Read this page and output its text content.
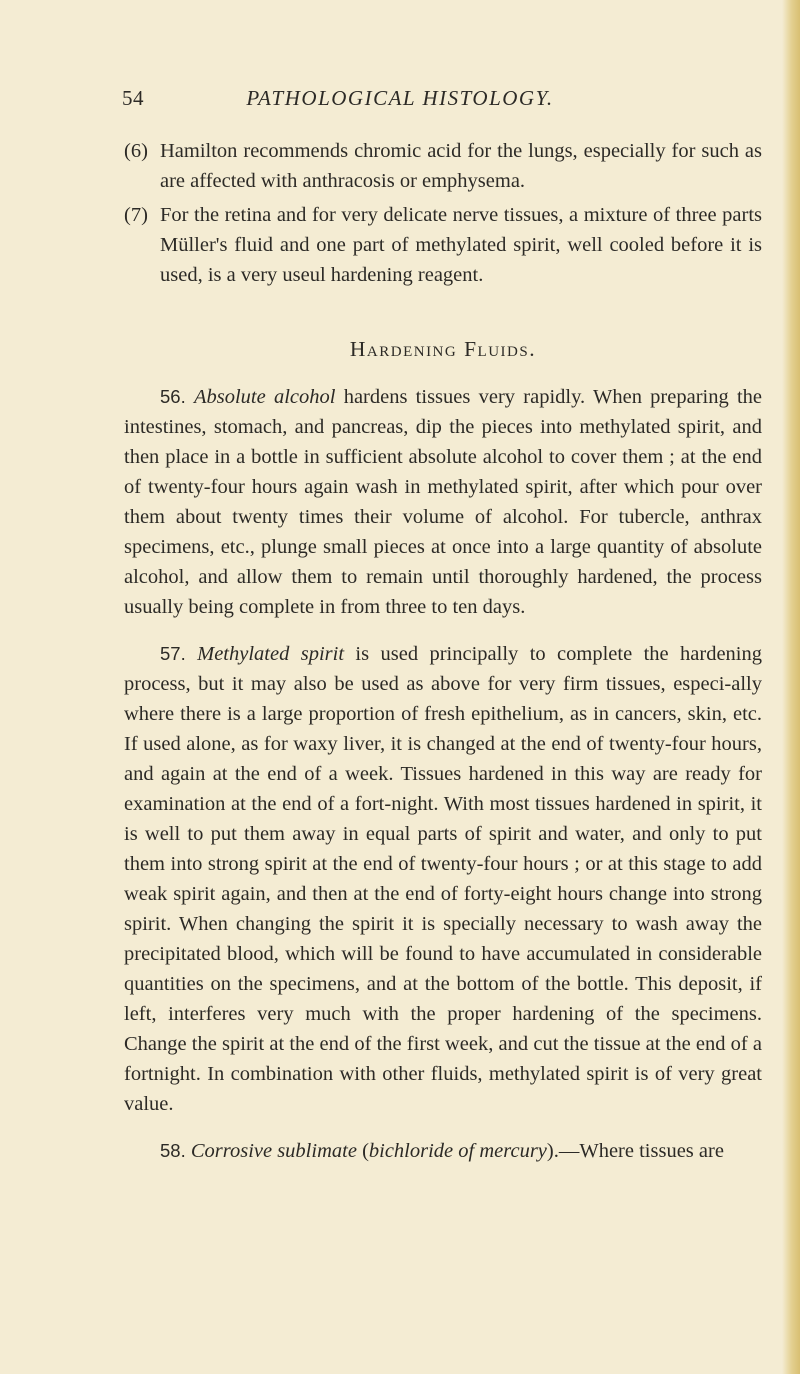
54	PATHOLOGICAL HISTOLOGY.
(6) Hamilton recommends chromic acid for the lungs, especially for such as are affected with anthracosis or emphysema.
(7) For the retina and for very delicate nerve tissues, a mixture of three parts Müller's fluid and one part of methylated spirit, well cooled before it is used, is a very useul hardening reagent.
Hardening Fluids.

56. Absolute alcohol hardens tissues very rapidly. When preparing the intestines, stomach, and pancreas, dip the pieces into methylated spirit, and then place in a bottle in sufficient absolute alcohol to cover them ; at the end of twenty-four hours again wash in methylated spirit, after which pour over them about twenty times their volume of alcohol. For tubercle, anthrax specimens, etc., plunge small pieces at once into a large quantity of absolute alcohol, and allow them to remain until thoroughly hardened, the process usually being complete in from three to ten days.

57. Methylated spirit is used principally to complete the hardening process, but it may also be used as above for very firm tissues, especi-ally where there is a large proportion of fresh epithelium, as in cancers, skin, etc. If used alone, as for waxy liver, it is changed at the end of twenty-four hours, and again at the end of a week. Tissues hardened in this way are ready for examination at the end of a fort-night. With most tissues hardened in spirit, it is well to put them away in equal parts of spirit and water, and only to put them into strong spirit at the end of twenty-four hours ; or at this stage to add weak spirit again, and then at the end of forty-eight hours change into strong spirit. When changing the spirit it is specially necessary to wash away the precipitated blood, which will be found to have accumulated in considerable quantities on the specimens, and at the bottom of the bottle. This deposit, if left, interferes very much with the proper hardening of the specimens. Change the spirit at the end of the first week, and cut the tissue at the end of a fortnight. In combination with other fluids, methylated spirit is of very great value.

58. Corrosive sublimate (bichloride of mercury).—Where tissues are
